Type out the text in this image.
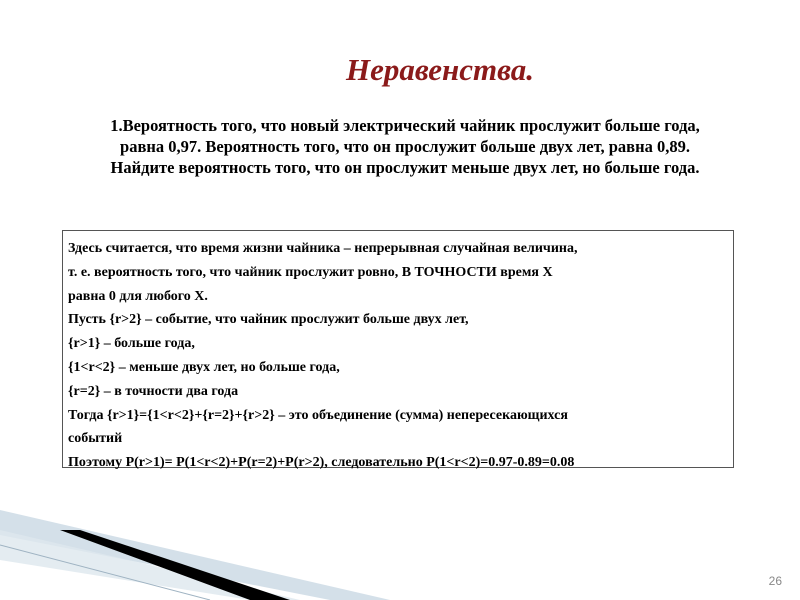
Неравенства.
1.Вероятность того, что новый электрический чайник прослужит больше года,
равна 0,97. Вероятность того, что он прослужит больше двух лет, равна 0,89.
Найдите вероятность того, что он прослужит меньше двух лет, но больше года.
Здесь считается, что время жизни чайника – непрерывная случайная величина,
т. е. вероятность того, что чайник прослужит ровно, В ТОЧНОСТИ время Х
равна 0 для любого Х.
Пусть {r>2} – событие, что чайник прослужит больше двух лет,
{r>1} – больше года,
{1<r<2} – меньше двух лет, но больше года,
{r=2} – в точности два года
Тогда {r>1}={1<r<2}+{r=2}+{r>2} – это объединение (сумма) непересекающихся
событий
Поэтому P(r>1)= P(1<r<2)+P(r=2)+P(r>2), следовательно P(1<r<2)=0.97-0.89=0.08
26
